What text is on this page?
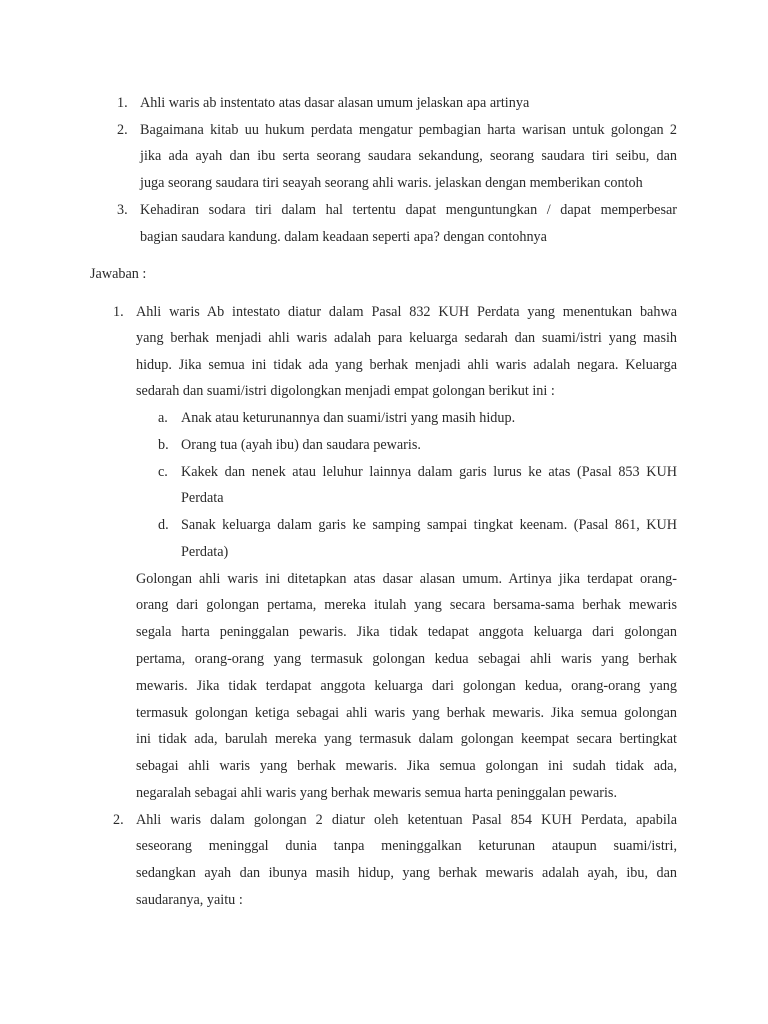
1. Ahli waris ab instentato atas dasar alasan umum jelaskan apa artinya
2. Bagaimana kitab uu hukum perdata mengatur pembagian harta warisan untuk golongan 2
jika ada ayah dan ibu serta seorang saudara sekandung, seorang saudara tiri seibu, dan
juga seorang saudara tiri seayah seorang ahli waris. jelaskan dengan memberikan contoh
3. Kehadiran sodara tiri dalam hal tertentu dapat menguntungkan / dapat memperbesar
bagian saudara kandung. dalam keadaan seperti apa? dengan contohnya
Jawaban :
1. Ahli waris Ab intestato diatur dalam Pasal 832 KUH Perdata yang menentukan bahwa
yang berhak menjadi ahli waris adalah para keluarga sedarah dan suami/istri yang masih
hidup. Jika semua ini tidak ada yang berhak menjadi ahli waris adalah negara. Keluarga
sedarah dan suami/istri digolongkan menjadi empat golongan berikut ini :
a. Anak atau keturunannya dan suami/istri yang masih hidup.
b. Orang tua (ayah ibu) dan saudara pewaris.
c. Kakek dan nenek atau leluhur lainnya dalam garis lurus ke atas (Pasal 853 KUH
Perdata
d. Sanak keluarga dalam garis ke samping sampai tingkat keenam. (Pasal 861, KUH
Perdata)
Golongan ahli waris ini ditetapkan atas dasar alasan umum. Artinya jika terdapat orang-
orang dari golongan pertama, mereka itulah yang secara bersama-sama berhak mewaris
segala harta peninggalan pewaris. Jika tidak tedapat anggota keluarga dari golongan
pertama, orang-orang yang termasuk golongan kedua sebagai ahli waris yang berhak
mewaris. Jika tidak terdapat anggota keluarga dari golongan kedua, orang-orang yang
termasuk golongan ketiga sebagai ahli waris yang berhak mewaris. Jika semua golongan
ini tidak ada, barulah mereka yang termasuk dalam golongan keempat secara bertingkat
sebagai ahli waris yang berhak mewaris. Jika semua golongan ini sudah tidak ada,
negaralah sebagai ahli waris yang berhak mewaris semua harta peninggalan pewaris.
2. Ahli waris dalam golongan 2 diatur oleh ketentuan Pasal 854 KUH Perdata, apabila
seseorang meninggal dunia tanpa meninggalkan keturunan ataupun suami/istri,
sedangkan ayah dan ibunya masih hidup, yang berhak mewaris adalah ayah, ibu, dan
saudaranya, yaitu :
